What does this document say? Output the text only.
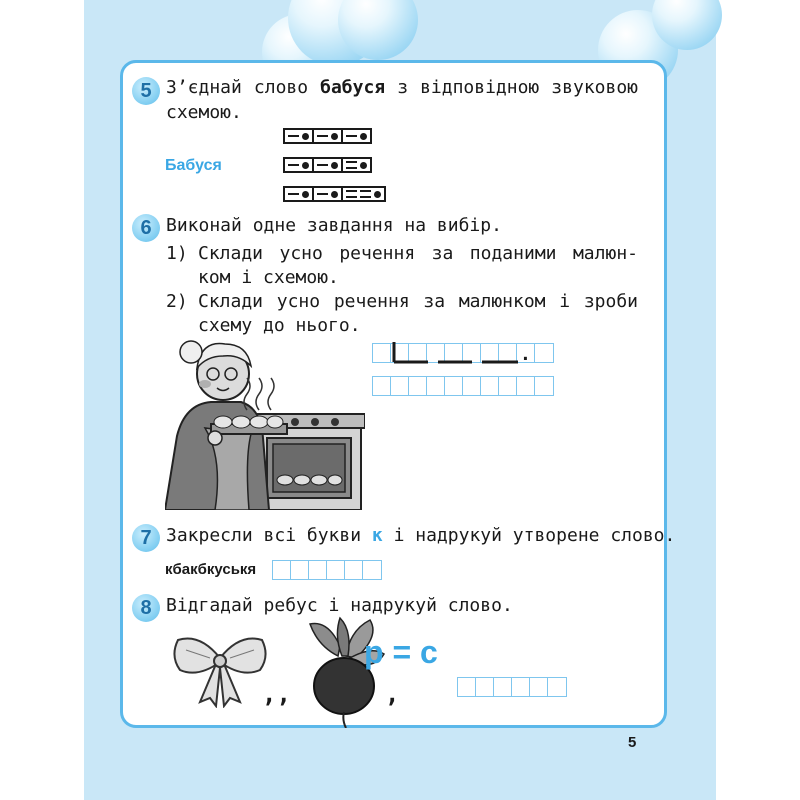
5 З’єднай слово бабуся з відповідною звуковою
схемою.
Бабуся
6 Виконай одне завдання на вибір.
1) Склади усно речення за поданими малюн-
ком і схемою.
2) Склади усно речення за малюнком і зроби
схему до нього.
.
7 Закресли всі букви к і надрукуй утворене слово.
кбакбкуськя
8 Відгадай ребус і надрукуй слово.
,,	,
р = с
5
